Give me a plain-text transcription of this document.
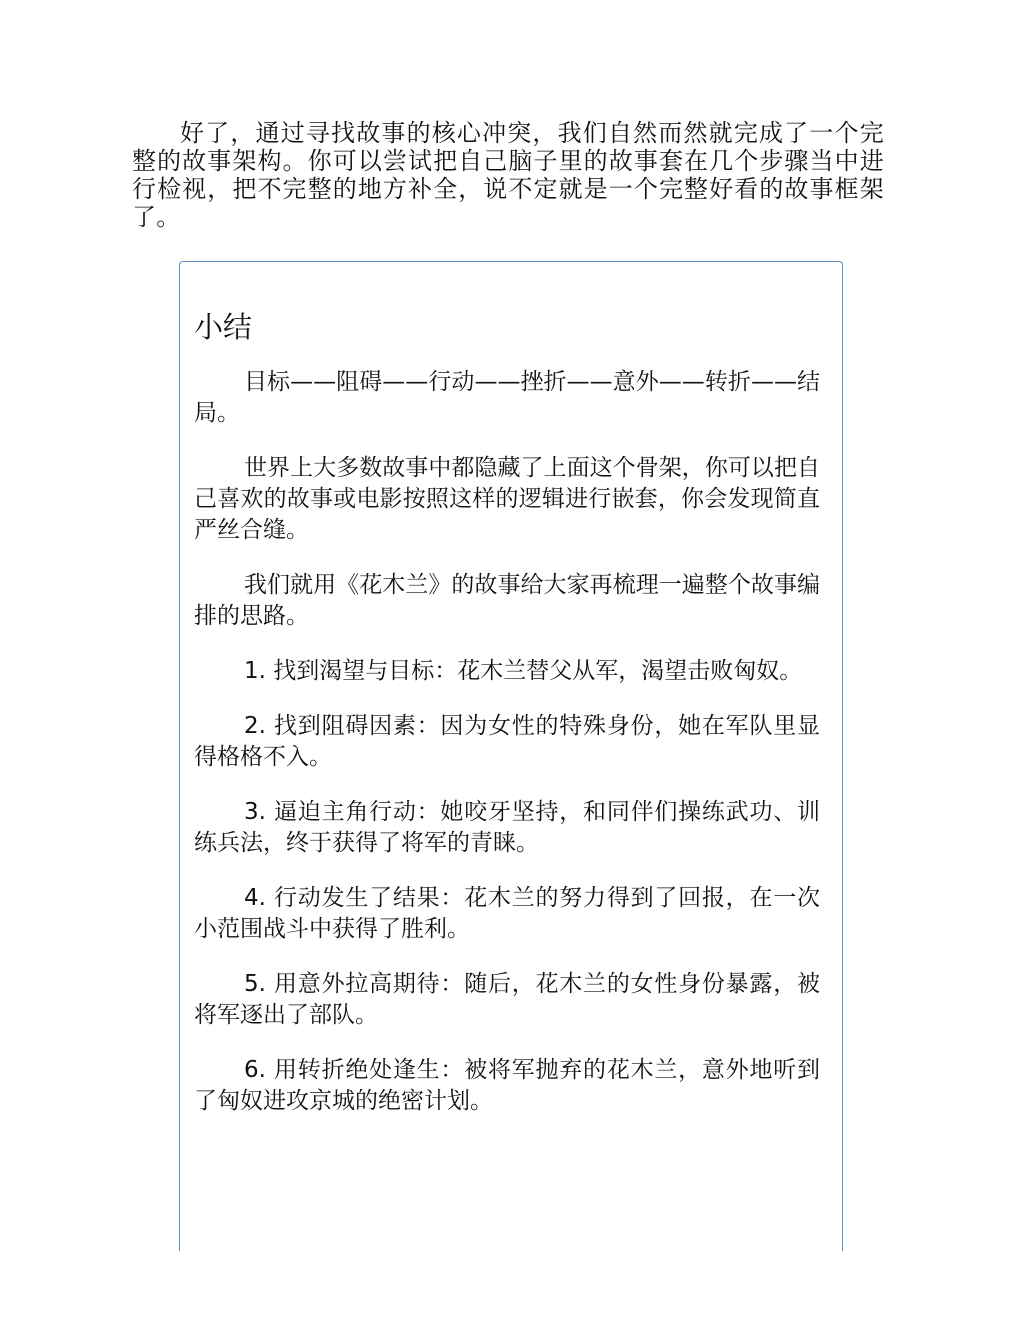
好了，通过寻找故事的核心冲突，我们自然而然就完成了一个完整的故事架构。你可以尝试把自己脑子里的故事套在几个步骤当中进行检视，把不完整的地方补全，说不定就是一个完整好看的故事框架了。

小结

目标——阻碍——行动——挫折——意外——转折——结局。

世界上大多数故事中都隐藏了上面这个骨架，你可以把自己喜欢的故事或电影按照这样的逻辑进行嵌套，你会发现简直严丝合缝。

我们就用《花木兰》的故事给大家再梳理一遍整个故事编排的思路。

1. 找到渴望与目标：花木兰替父从军，渴望击败匈奴。

2. 找到阻碍因素：因为女性的特殊身份，她在军队里显得格格不入。

3. 逼迫主角行动：她咬牙坚持，和同伴们操练武功、训练兵法，终于获得了将军的青睐。

4. 行动发生了结果：花木兰的努力得到了回报，在一次小范围战斗中获得了胜利。

5. 用意外拉高期待：随后，花木兰的女性身份暴露，被将军逐出了部队。

6. 用转折绝处逢生：被将军抛弃的花木兰，意外地听到了匈奴进攻京城的绝密计划。
